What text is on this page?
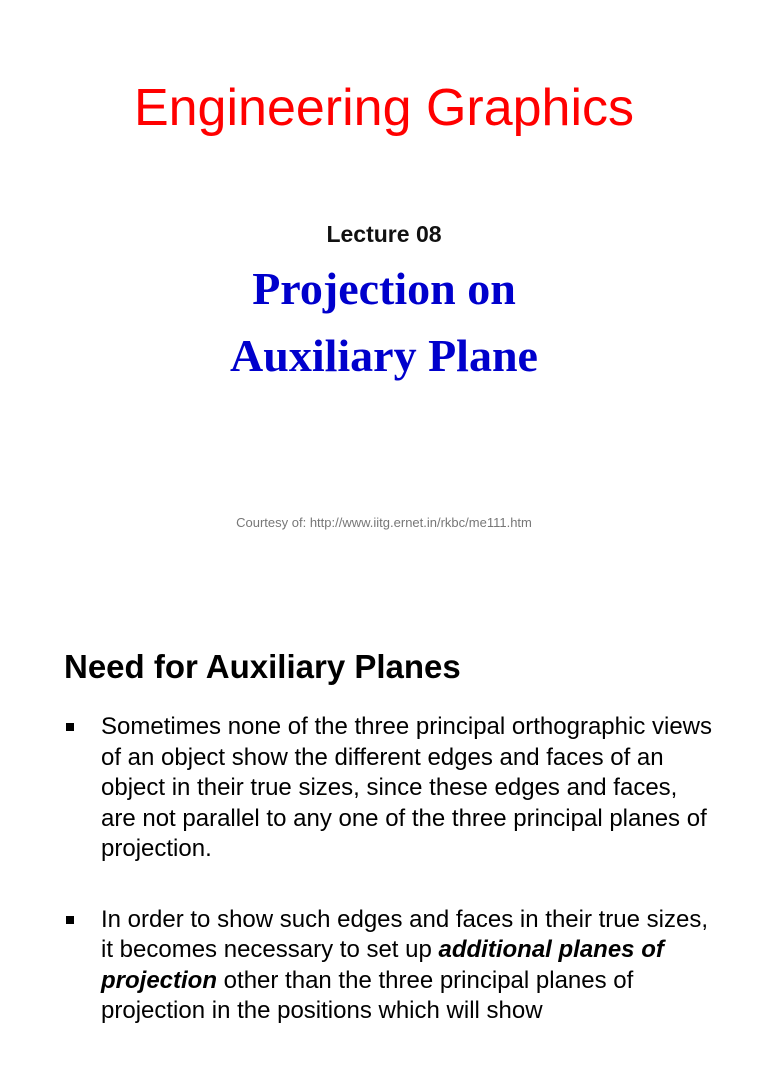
Engineering Graphics
Lecture 08
Projection on
Auxiliary Plane
Courtesy of: http://www.iitg.ernet.in/rkbc/me111.htm
Need for Auxiliary Planes
Sometimes none of the three principal orthographic views of an object show the different edges and faces of an object in their true sizes, since these edges and faces, are not parallel to any one of the three principal planes of projection.
In order to show such edges and faces in their true sizes, it becomes necessary to set up additional planes of projection other than the three principal planes of projection in the positions which will show
